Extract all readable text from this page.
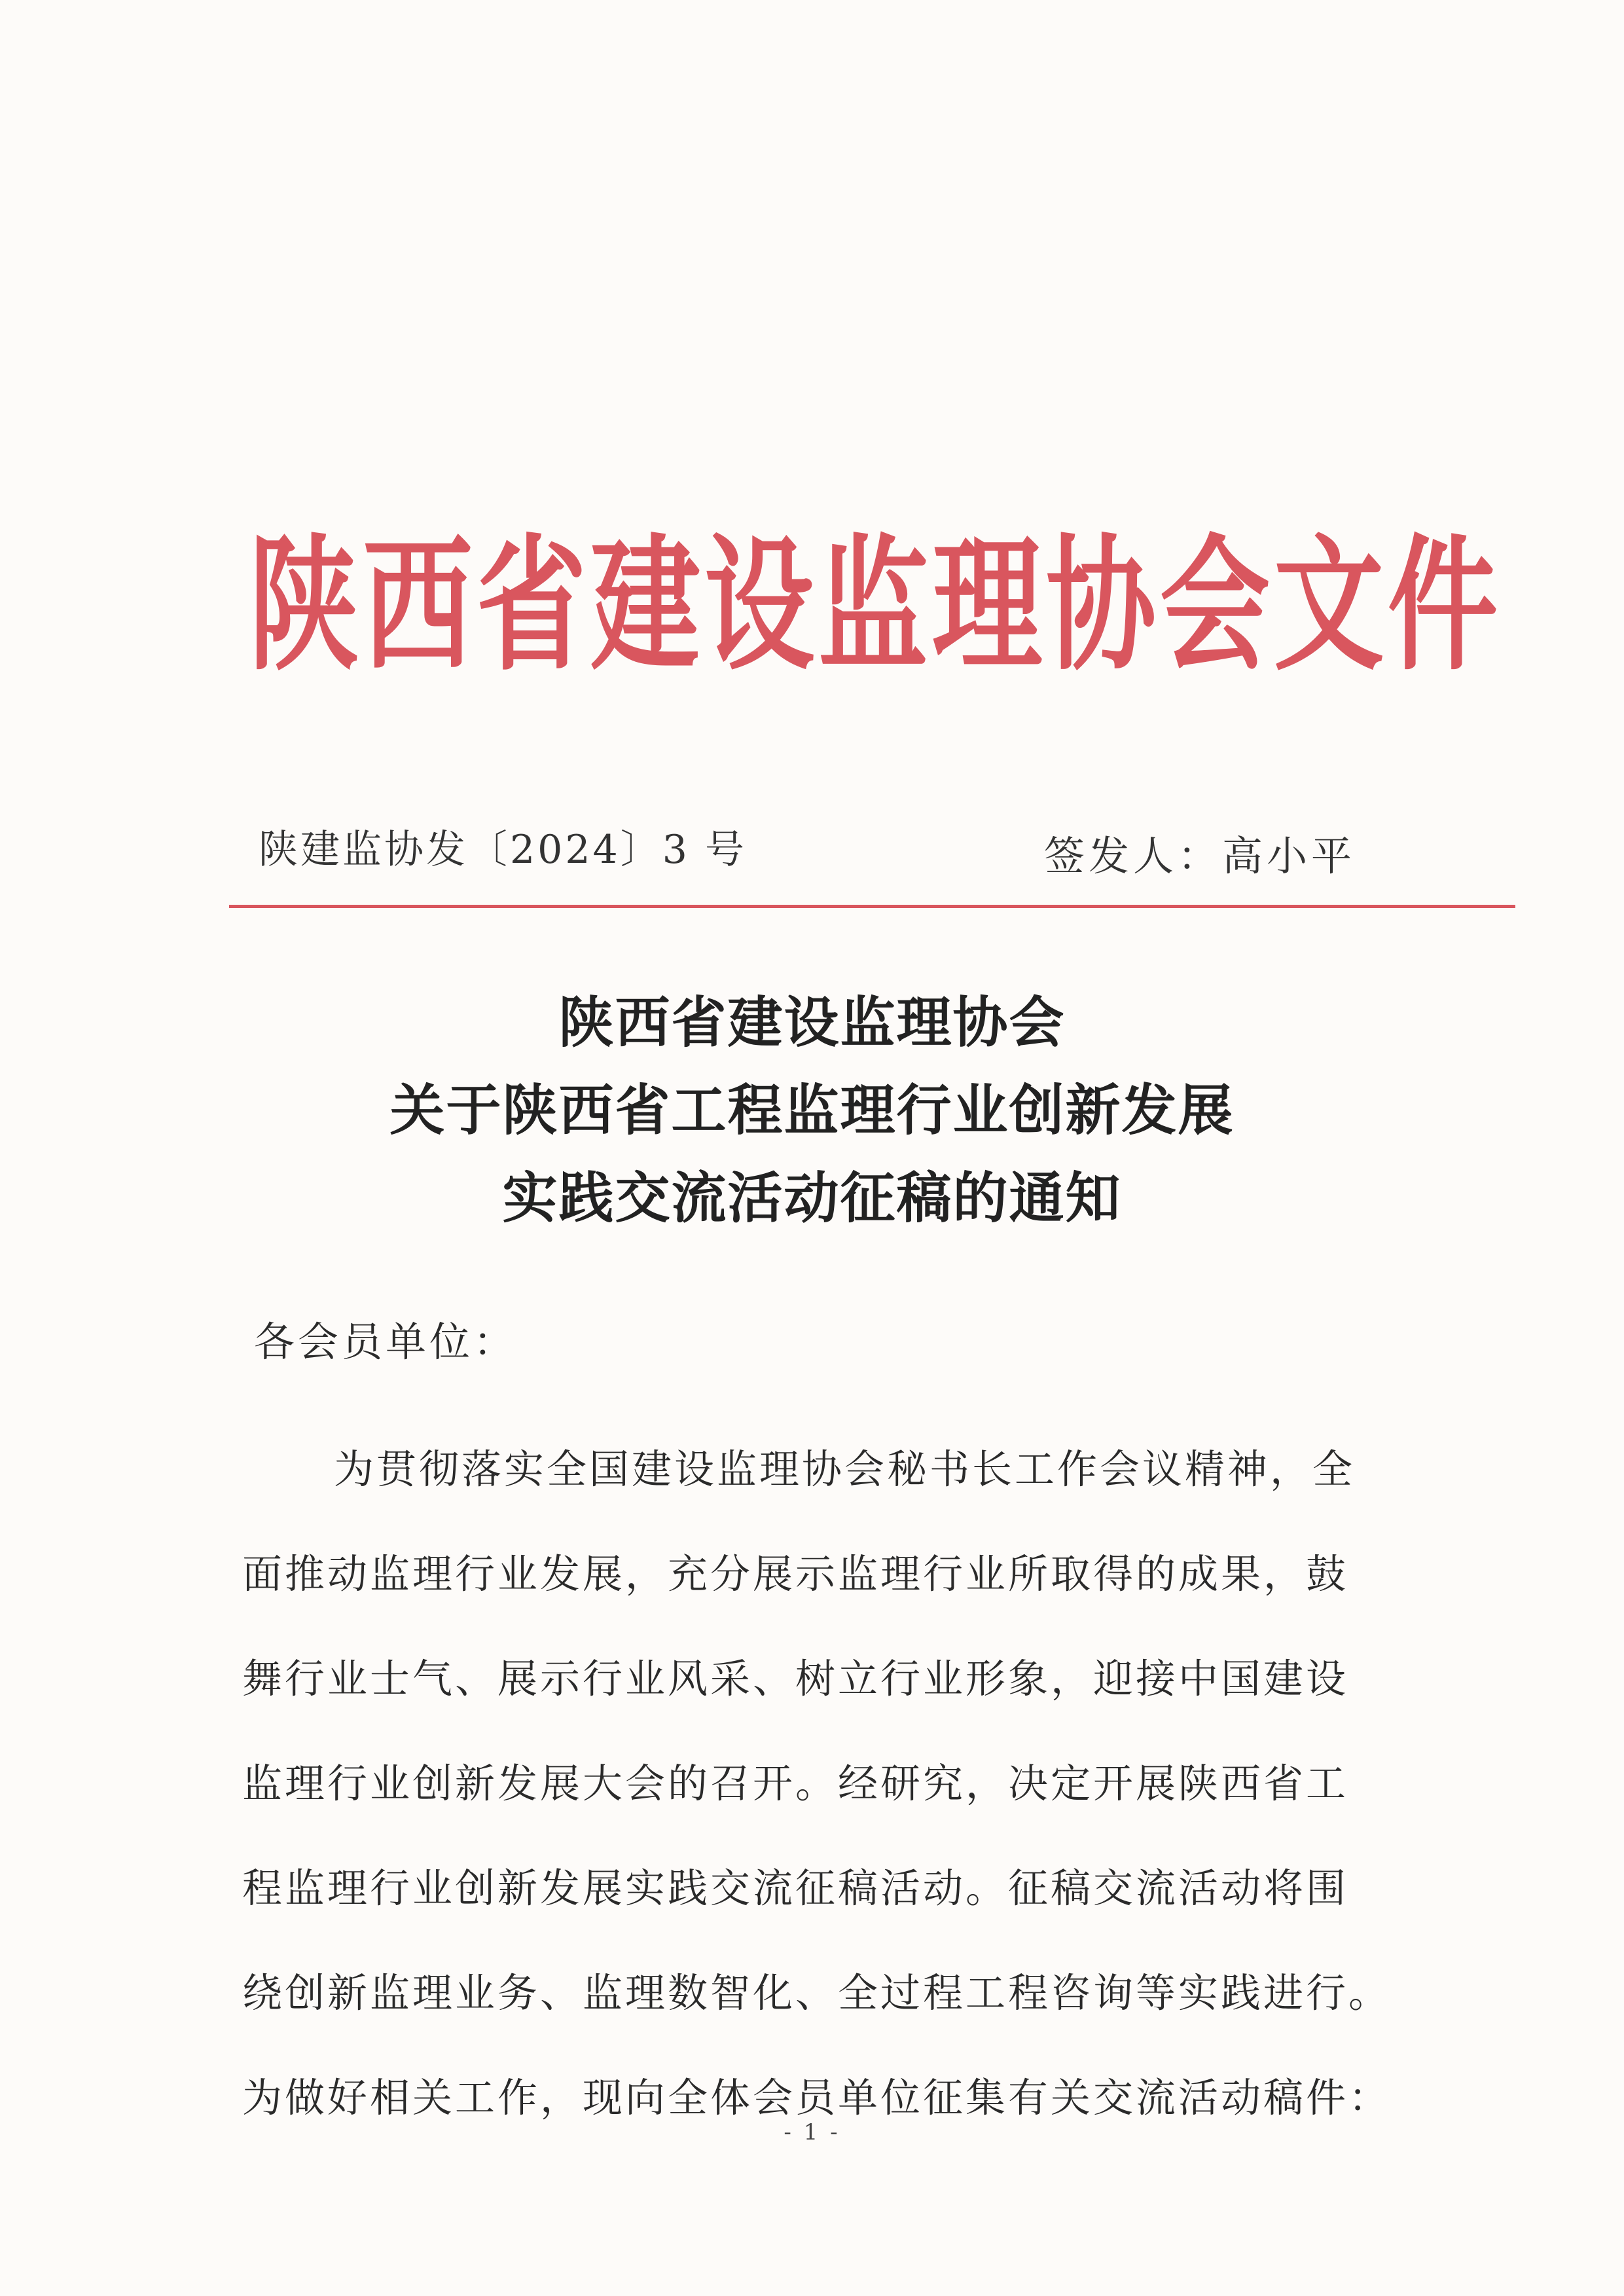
陕西省建设监理协会文件
陕建监协发〔2024〕3 号	签发人：高小平
陕西省建设监理协会
关于陕西省工程监理行业创新发展
实践交流活动征稿的通知
各会员单位：
为贯彻落实全国建设监理协会秘书长工作会议精神，全
面推动监理行业发展，充分展示监理行业所取得的成果，鼓
舞行业士气、展示行业风采、树立行业形象，迎接中国建设
监理行业创新发展大会的召开。经研究，决定开展陕西省工
程监理行业创新发展实践交流征稿活动。征稿交流活动将围
绕创新监理业务、监理数智化、全过程工程咨询等实践进行。
为做好相关工作，现向全体会员单位征集有关交流活动稿件：
- 1 -
